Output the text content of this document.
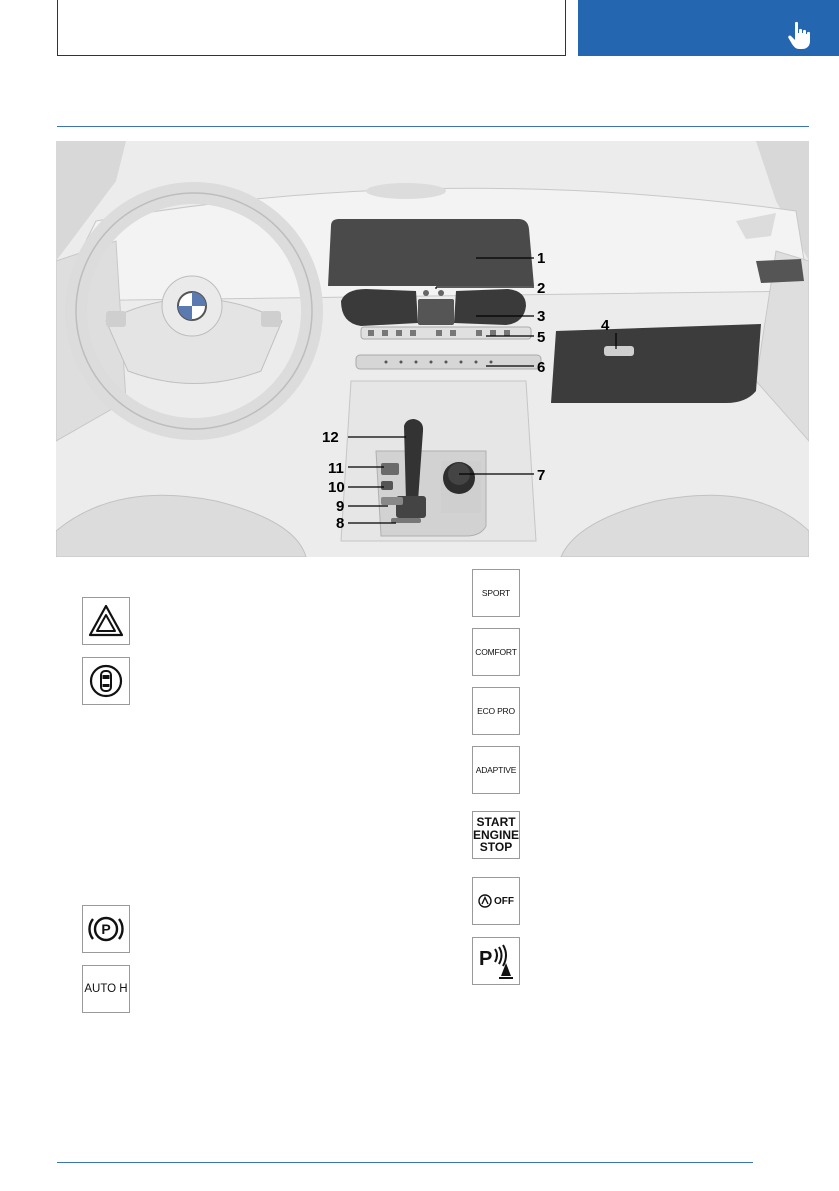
1
2
3
4
5
6
7
8
9
10
11
12
P
AUTO H
SPORT
COMFORT
ECO PRO
ADAPTIVE
START
ENGINE
STOP
OFF
P
